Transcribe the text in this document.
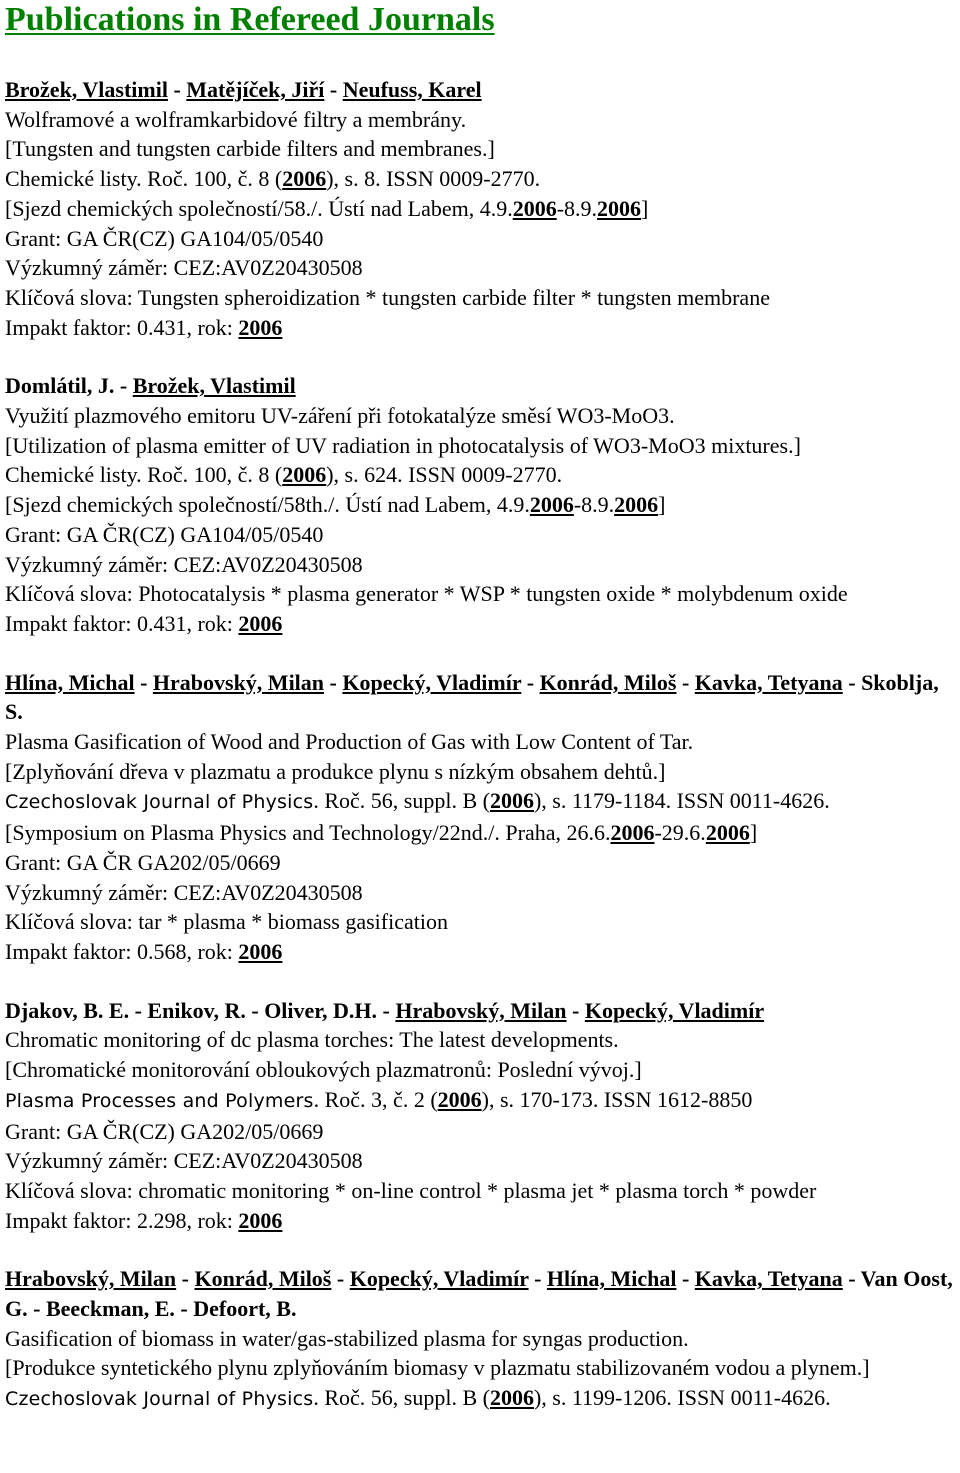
Publications in Refereed Journals
Brožek, Vlastimil - Matějíček, Jiří - Neufuss, Karel
Wolframové a wolframkarbidové filtry a membrány.
[Tungsten and tungsten carbide filters and membranes.]
Chemické listy. Roč. 100, č. 8 (2006), s. 8. ISSN 0009-2770.
[Sjezd chemických společností/58./. Ústí nad Labem, 4.9.2006-8.9.2006]
Grant: GA ČR(CZ) GA104/05/0540
Výzkumný záměr: CEZ:AV0Z20430508
Klíčová slova: Tungsten spheroidization * tungsten carbide filter * tungsten membrane
Impakt faktor: 0.431, rok: 2006
Domlátil, J. - Brožek, Vlastimil
Využití plazmového emitoru UV-záření při fotokatalýze směsí WO3-MoO3.
[Utilization of plasma emitter of UV radiation in photocatalysis of WO3-MoO3 mixtures.]
Chemické listy. Roč. 100, č. 8 (2006), s. 624. ISSN 0009-2770.
[Sjezd chemických společností/58th./. Ústí nad Labem, 4.9.2006-8.9.2006]
Grant: GA ČR(CZ) GA104/05/0540
Výzkumný záměr: CEZ:AV0Z20430508
Klíčová slova: Photocatalysis * plasma generator * WSP * tungsten oxide * molybdenum oxide
Impakt faktor: 0.431, rok: 2006
Hlína, Michal - Hrabovský, Milan - Kopecký, Vladimír - Konrád, Miloš - Kavka, Tetyana - Skoblja, S.
Plasma Gasification of Wood and Production of Gas with Low Content of Tar.
[Zplyňování dřeva v plazmatu a produkce plynu s nízkým obsahem dehtů.]
Czechoslovak Journal of Physics. Roč. 56, suppl. B (2006), s. 1179-1184. ISSN 0011-4626.
[Symposium on Plasma Physics and Technology/22nd./. Praha, 26.6.2006-29.6.2006]
Grant: GA ČR GA202/05/0669
Výzkumný záměr: CEZ:AV0Z20430508
Klíčová slova: tar * plasma * biomass gasification
Impakt faktor: 0.568, rok: 2006
Djakov, B. E. - Enikov, R. - Oliver, D.H. - Hrabovský, Milan - Kopecký, Vladimír
Chromatic monitoring of dc plasma torches: The latest developments.
[Chromatické monitorování obloukových plazmatronů: Poslední vývoj.]
Plasma Processes and Polymers. Roč. 3, č. 2 (2006), s. 170-173. ISSN 1612-8850
Grant: GA ČR(CZ) GA202/05/0669
Výzkumný záměr: CEZ:AV0Z20430508
Klíčová slova: chromatic monitoring * on-line control * plasma jet * plasma torch * powder
Impakt faktor: 2.298, rok: 2006
Hrabovský, Milan - Konrád, Miloš - Kopecký, Vladimír - Hlína, Michal - Kavka, Tetyana - Van Oost, G. - Beeckman, E. - Defoort, B.
Gasification of biomass in water/gas-stabilized plasma for syngas production.
[Produkce syntetického plynu zplyňováním biomasy v plazmatu stabilizovaném vodou a plynem.]
Czechoslovak Journal of Physics. Roč. 56, suppl. B (2006), s. 1199-1206. ISSN 0011-4626.
